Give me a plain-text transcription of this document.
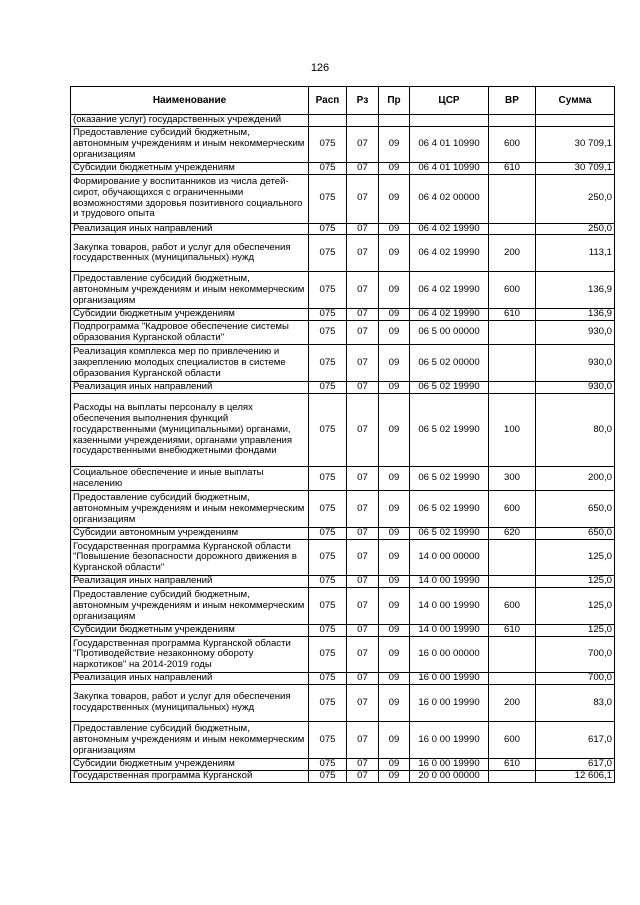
126
Наименование	Расп	Рз	Пр	ЦСР	ВР	Сумма
(оказание услуг) государственных учреждений						
Предоставление субсидий бюджетным, автономным учреждениям и иным некоммерческим организациям	075	07	09	06 4 01 10990	600	30 709,1
Субсидии бюджетным учреждениям	075	07	09	06 4 01 10990	610	30 709,1
Формирование у воспитанников из числа детей-сирот, обучающихся с ограниченными возможностями здоровья позитивного социального и трудового опыта	075	07	09	06 4 02 00000		250,0
Реализация иных направлений	075	07	09	06 4 02 19990		250,0
Закупка товаров, работ и услуг для обеспечения государственных (муниципальных) нужд	075	07	09	06 4 02 19990	200	113,1
Предоставление субсидий бюджетным, автономным учреждениям и иным некоммерческим организациям	075	07	09	06 4 02 19990	600	136,9
Субсидии бюджетным учреждениям	075	07	09	06 4 02 19990	610	136,9
Подпрограмма "Кадровое обеспечение системы образования Курганской области"	075	07	09	06 5 00 00000		930,0
Реализация комплекса мер по привлечению и закреплению молодых специалистов в системе образования Курганской области	075	07	09	06 5 02 00000		930,0
Реализация иных направлений	075	07	09	06 5 02 19990		930,0
Расходы на выплаты персоналу в целях обеспечения выполнения функций государственными (муниципальными) органами, казенными учреждениями, органами управления государственными внебюджетными фондами	075	07	09	06 5 02 19990	100	80,0
Социальное обеспечение и иные выплаты населению	075	07	09	06 5 02 19990	300	200,0
Предоставление субсидий бюджетным, автономным учреждениям и иным некоммерческим организациям	075	07	09	06 5 02 19990	600	650,0
Субсидии автономным учреждениям	075	07	09	06 5 02 19990	620	650,0
Государственная программа Курганской области "Повышение безопасности дорожного движения в Курганской области"	075	07	09	14 0 00 00000		125,0
Реализация иных направлений	075	07	09	14 0 00 19990		125,0
Предоставление субсидий бюджетным, автономным учреждениям и иным некоммерческим организациям	075	07	09	14 0 00 19990	600	125,0
Субсидии бюджетным учреждениям	075	07	09	14 0 00 19990	610	125,0
Государственная программа Курганской области "Противодействие незаконному обороту наркотиков" на 2014-2019 годы	075	07	09	16 0 00 00000		700,0
Реализация иных направлений	075	07	09	16 0 00 19990		700,0
Закупка товаров, работ и услуг для обеспечения государственных (муниципальных) нужд	075	07	09	16 0 00 19990	200	83,0
Предоставление субсидий бюджетным, автономным учреждениям и иным некоммерческим организациям	075	07	09	16 0 00 19990	600	617,0
Субсидии бюджетным учреждениям	075	07	09	16 0 00 19990	610	617,0
Государственная программа Курганской	075	07	09	20 0 00 00000		12 606,1
